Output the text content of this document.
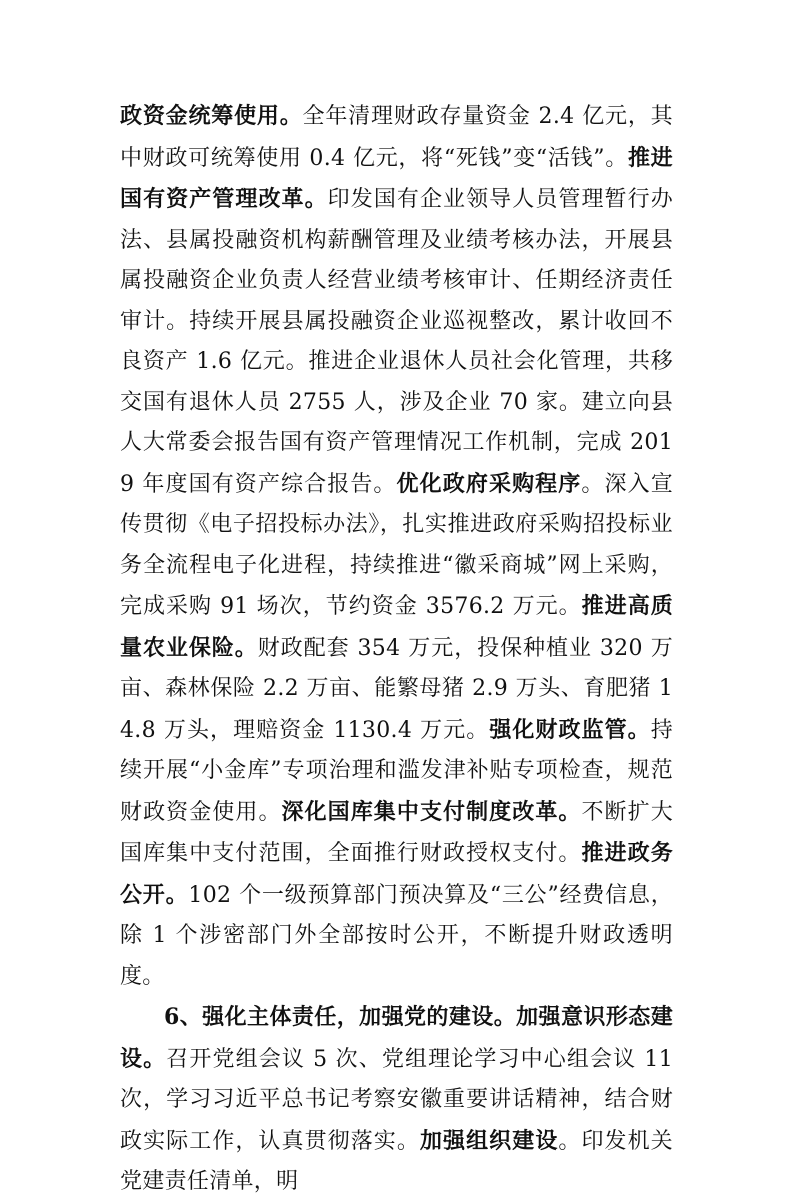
政资金统筹使用。全年清理财政存量资金 2.4 亿元，其中财政可统筹使用 0.4 亿元，将“死钱”变“活钱”。推进国有资产管理改革。印发国有企业领导人员管理暂行办法、县属投融资机构薪酬管理及业绩考核办法，开展县属投融资企业负责人经营业绩考核审计、任期经济责任审计。持续开展县属投融资企业巡视整改，累计收回不良资产 1.6 亿元。推进企业退休人员社会化管理，共移交国有退休人员 2755 人，涉及企业 70 家。建立向县人大常委会报告国有资产管理情况工作机制，完成 2019 年度国有资产综合报告。优化政府采购程序。深入宣传贯彻《电子招投标办法》，扎实推进政府采购招投标业务全流程电子化进程，持续推进“徽采商城”网上采购，完成采购 91 场次，节约资金 3576.2 万元。推进高质量农业保险。财政配套 354 万元，投保种植业 320 万亩、森林保险 2.2 万亩、能繁母猪 2.9 万头、育肥猪 14.8 万头，理赔资金 1130.4 万元。强化财政监管。持续开展“小金库”专项治理和滥发津补贴专项检查，规范财政资金使用。深化国库集中支付制度改革。不断扩大国库集中支付范围，全面推行财政授权支付。推进政务公开。102 个一级预算部门预决算及“三公”经费信息，除 1 个涉密部门外全部按时公开，不断提升财政透明度。

6、强化主体责任，加强党的建设。加强意识形态建设。召开党组会议 5 次、党组理论学习中心组会议 11 次，学习习近平总书记考察安徽重要讲话精神，结合财政实际工作，认真贯彻落实。加强组织建设。印发机关党建责任清单，明
